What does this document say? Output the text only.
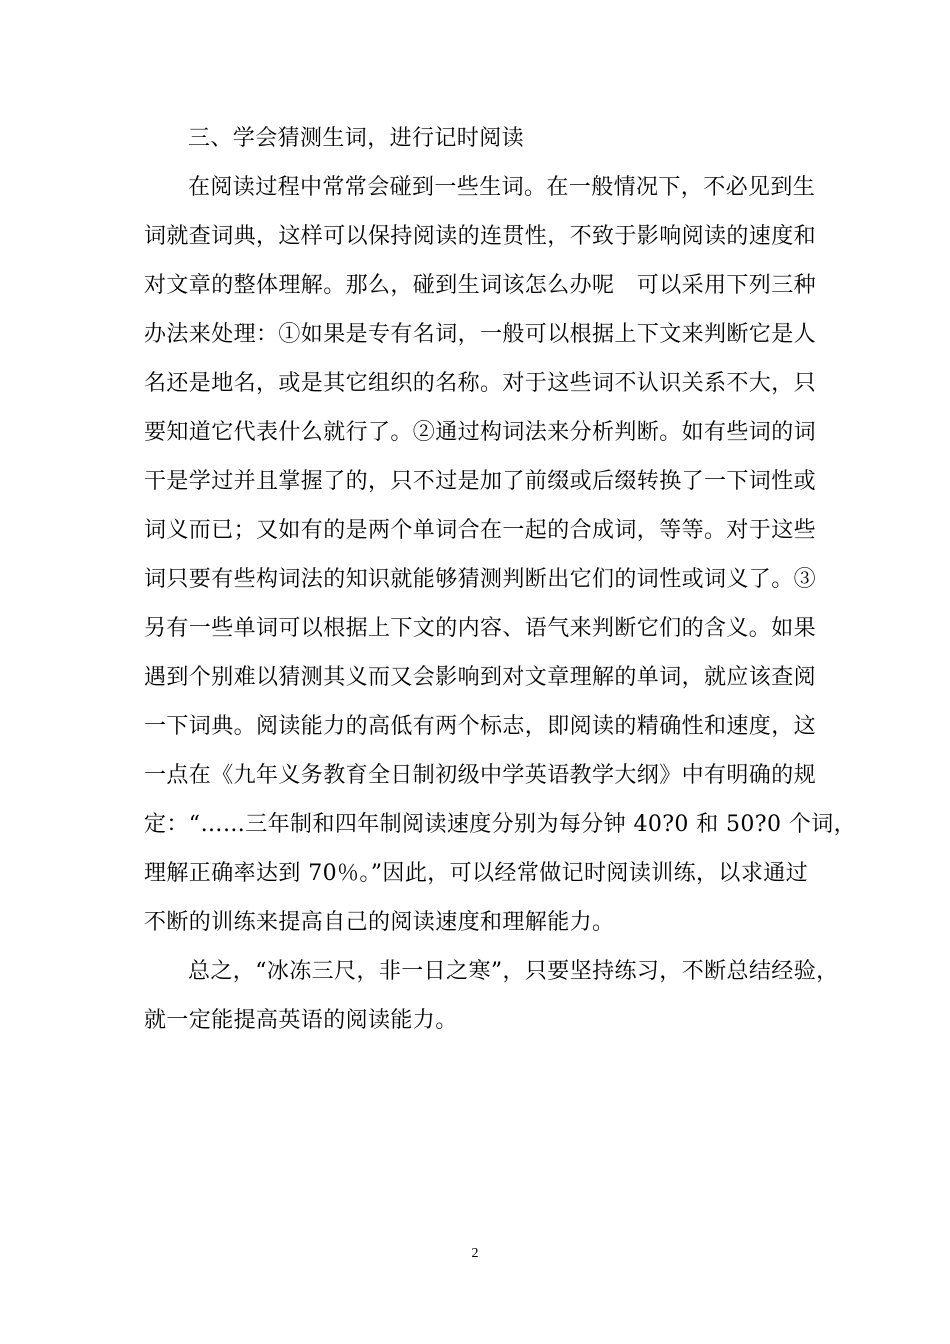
三、学会猜测生词，进行记时阅读
在阅读过程中常常会碰到一些生词。在一般情况下，不必见到生
词就查词典，这样可以保持阅读的连贯性，不致于影响阅读的速度和
对文章的整体理解。那么，碰到生词该怎么办呢　可以采用下列三种
办法来处理：①如果是专有名词，一般可以根据上下文来判断它是人
名还是地名，或是其它组织的名称。对于这些词不认识关系不大，只
要知道它代表什么就行了。②通过构词法来分析判断。如有些词的词
干是学过并且掌握了的，只不过是加了前缀或后缀转换了一下词性或
词义而已；又如有的是两个单词合在一起的合成词，等等。对于这些
词只要有些构词法的知识就能够猜测判断出它们的词性或词义了。③
另有一些单词可以根据上下文的内容、语气来判断它们的含义。如果
遇到个别难以猜测其义而又会影响到对文章理解的单词，就应该查阅
一下词典。阅读能力的高低有两个标志，即阅读的精确性和速度，这
一点在《九年义务教育全日制初级中学英语教学大纲》中有明确的规
定：“……三年制和四年制阅读速度分别为每分钟 40?0 和 50?0 个词，
理解正确率达到 70％。”因此，可以经常做记时阅读训练，以求通过
不断的训练来提高自己的阅读速度和理解能力。
总之，“冰冻三尺，非一日之寒”，只要坚持练习，不断总结经验，
就一定能提高英语的阅读能力。
2
